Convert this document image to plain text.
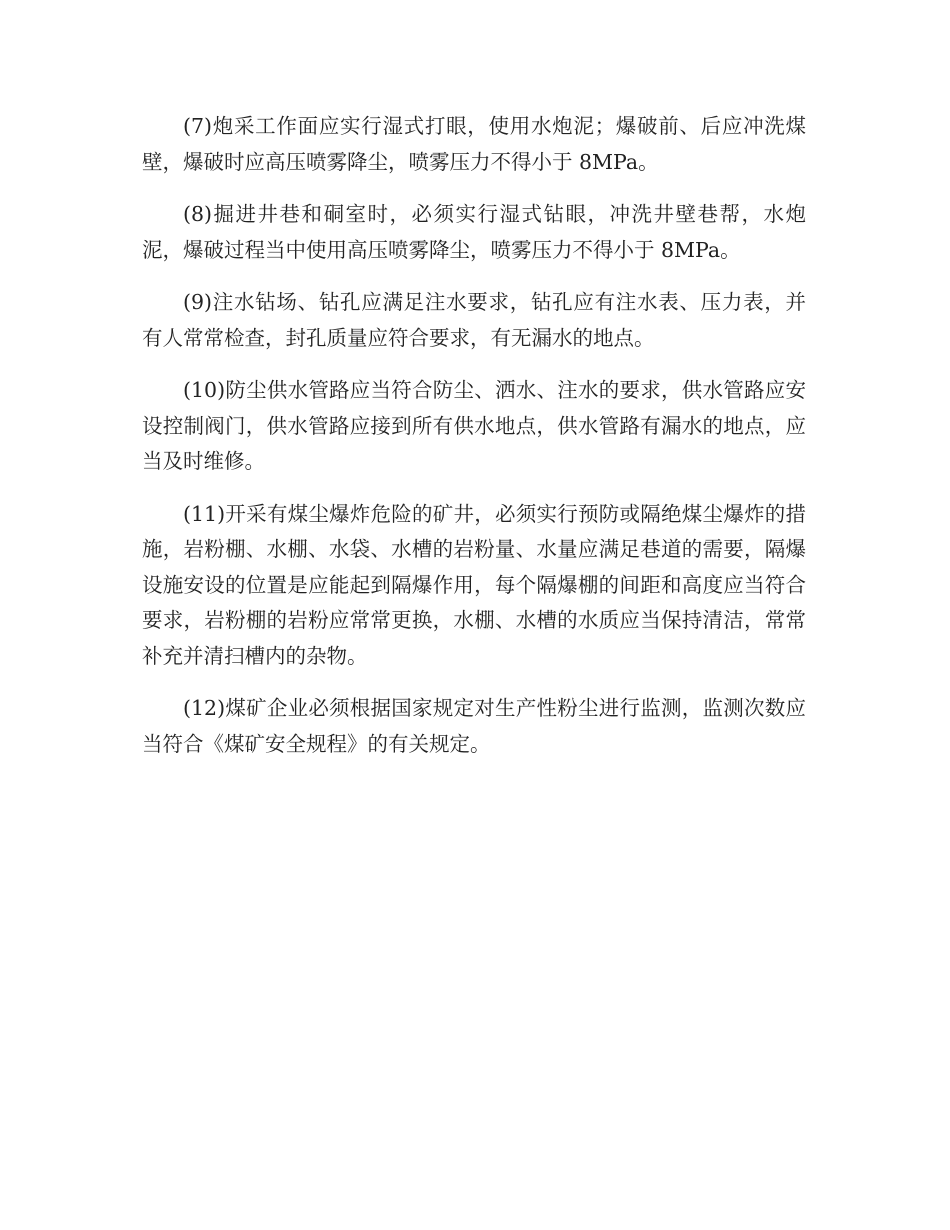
(7)炮采工作面应实行湿式打眼，使用水炮泥；爆破前、后应冲洗煤壁，爆破时应高压喷雾降尘，喷雾压力不得小于 8MPa。

(8)掘进井巷和硐室时，必须实行湿式钻眼，冲洗井壁巷帮，水炮泥，爆破过程当中使用高压喷雾降尘，喷雾压力不得小于 8MPa。

(9)注水钻场、钻孔应满足注水要求，钻孔应有注水表、压力表，并有人常常检查，封孔质量应符合要求，有无漏水的地点。

(10)防尘供水管路应当符合防尘、洒水、注水的要求，供水管路应安设控制阀门，供水管路应接到所有供水地点，供水管路有漏水的地点，应当及时维修。

(11)开采有煤尘爆炸危险的矿井，必须实行预防或隔绝煤尘爆炸的措施，岩粉棚、水棚、水袋、水槽的岩粉量、水量应满足巷道的需要，隔爆设施安设的位置是应能起到隔爆作用，每个隔爆棚的间距和高度应当符合要求，岩粉棚的岩粉应常常更换，水棚、水槽的水质应当保持清洁，常常补充并清扫槽内的杂物。

(12)煤矿企业必须根据国家规定对生产性粉尘进行监测，监测次数应当符合《煤矿安全规程》的有关规定。
